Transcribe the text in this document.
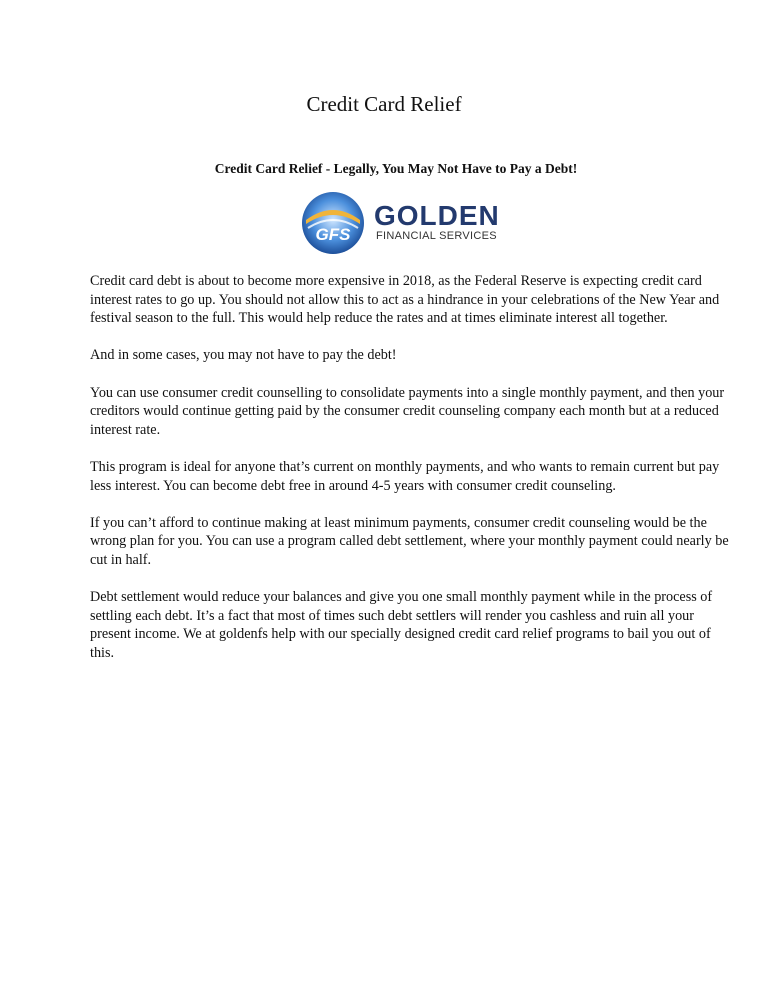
Credit Card Relief
Credit Card Relief - Legally, You May Not Have to Pay a Debt!
GFS
GOLDEN
FINANCIAL SERVICES

Credit card debt is about to become more expensive in 2018, as the Federal Reserve is expecting credit card interest rates to go up. You should not allow this to act as a hindrance in your celebrations of the New Year and festival season to the full. This would help reduce the rates and at times eliminate interest all together.

And in some cases, you may not have to pay the debt!

You can use consumer credit counselling to consolidate payments into a single monthly payment, and then your creditors would continue getting paid by the consumer credit counseling company each month but at a reduced interest rate.

This program is ideal for anyone that’s current on monthly payments, and who wants to remain current but pay less interest. You can become debt free in around 4-5 years with consumer credit counseling.

If you can’t afford to continue making at least minimum payments, consumer credit counseling would be the wrong plan for you. You can use a program called debt settlement, where your monthly payment could nearly be cut in half.

Debt settlement would reduce your balances and give you one small monthly payment while in the process of settling each debt. It’s a fact that most of times such debt settlers will render you cashless and ruin all your present income. We at goldenfs help with our specially designed credit card relief programs to bail you out of this.
